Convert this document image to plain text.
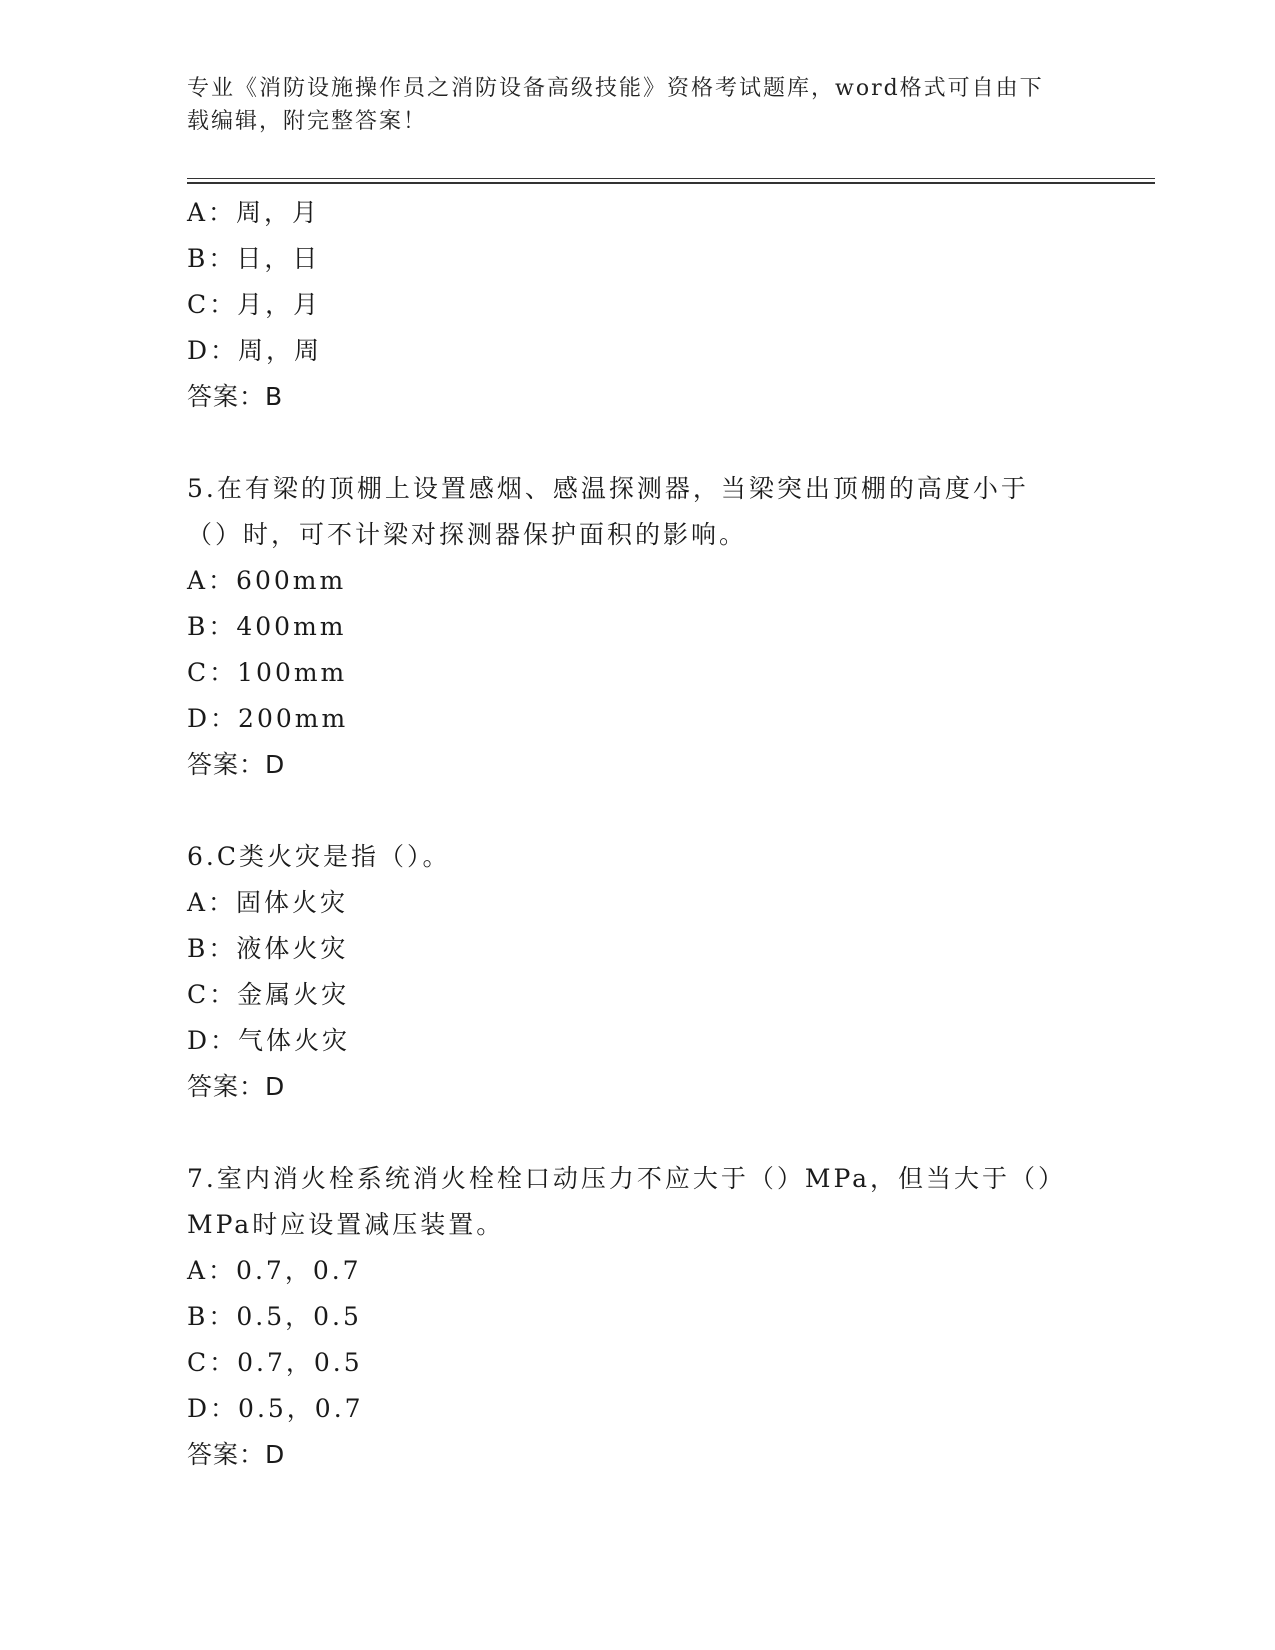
专业《消防设施操作员之消防设备高级技能》资格考试题库，word格式可自由下
载编辑，附完整答案！
A：周，月
B：日，日
C：月，月
D：周，周
答案：B
5.在有梁的顶棚上设置感烟、感温探测器，当梁突出顶棚的高度小于
（）时，可不计梁对探测器保护面积的影响。
A：600mm
B：400mm
C：100mm
D：200mm
答案：D
6.C类火灾是指（）。
A：固体火灾
B：液体火灾
C：金属火灾
D：气体火灾
答案：D
7.室内消火栓系统消火栓栓口动压力不应大于（）MPa，但当大于（）
MPa时应设置减压装置。
A：0.7，0.7
B：0.5，0.5
C：0.7，0.5
D：0.5，0.7
答案：D
